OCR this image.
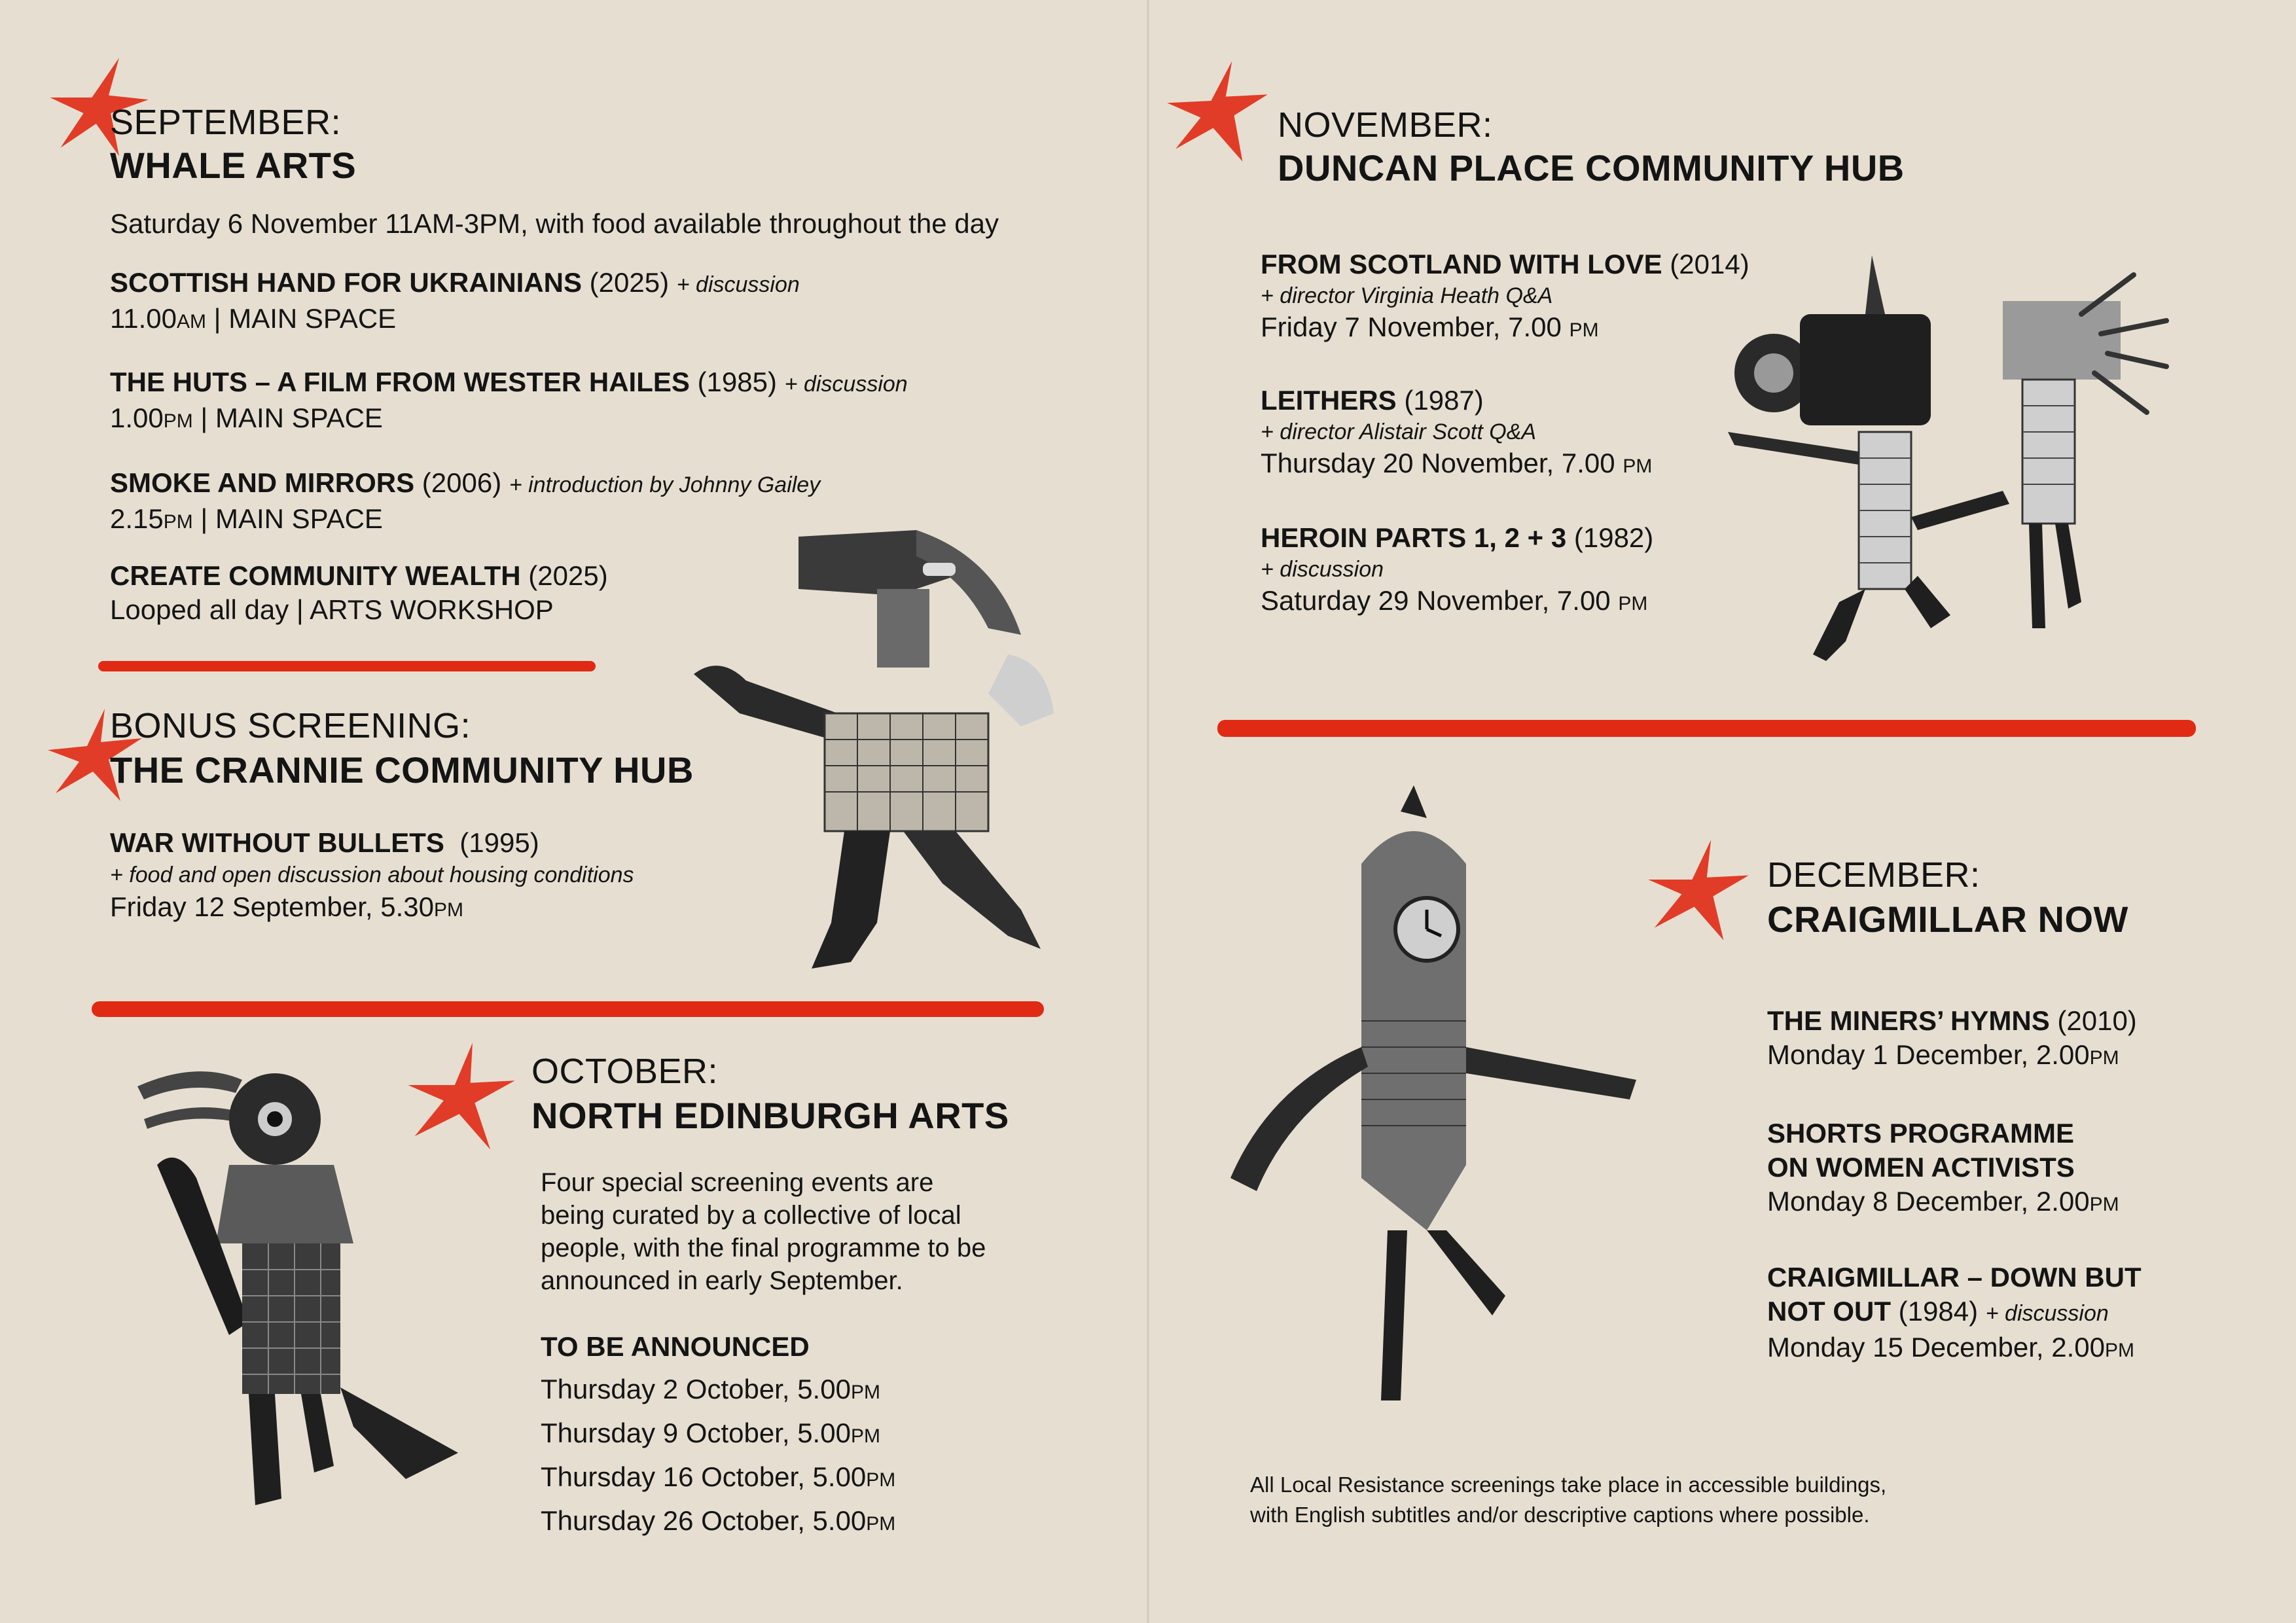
SEPTEMBER:
WHALE ARTS
Saturday 6 November 11AM-3PM, with food available throughout the day
SCOTTISH HAND FOR UKRAINIANS (2025) + discussion
11.00AM | MAIN SPACE
THE HUTS – A FILM FROM WESTER HAILES (1985) + discussion
1.00PM | MAIN SPACE
SMOKE AND MIRRORS (2006) + introduction by Johnny Gailey
2.15PM | MAIN SPACE
CREATE COMMUNITY WEALTH (2025)
Looped all day | ARTS WORKSHOP
BONUS SCREENING:
THE CRANNIE COMMUNITY HUB
WAR WITHOUT BULLETS (1995)
+ food and open discussion about housing conditions
Friday 12 September, 5.30PM
OCTOBER:
NORTH EDINBURGH ARTS
Four special screening events are
being curated by a collective of local
people, with the final programme to be
announced in early September.
TO BE ANNOUNCED
Thursday 2 October, 5.00PM
Thursday 9 October, 5.00PM
Thursday 16 October, 5.00PM
Thursday 26 October, 5.00PM
NOVEMBER:
DUNCAN PLACE COMMUNITY HUB
FROM SCOTLAND WITH LOVE (2014)
+ director Virginia Heath Q&A
Friday 7 November, 7.00 PM
LEITHERS (1987)
+ director Alistair Scott Q&A
Thursday 20 November, 7.00 PM
HEROIN PARTS 1, 2 + 3 (1982)
+ discussion
Saturday 29 November, 7.00 PM
DECEMBER:
CRAIGMILLAR NOW
THE MINERS’ HYMNS (2010)
Monday 1 December, 2.00PM
SHORTS PROGRAMME
ON WOMEN ACTIVISTS
Monday 8 December, 2.00PM
CRAIGMILLAR – DOWN BUT
NOT OUT (1984) + discussion
Monday 15 December, 2.00PM
All Local Resistance screenings take place in accessible buildings,
with English subtitles and/or descriptive captions where possible.
